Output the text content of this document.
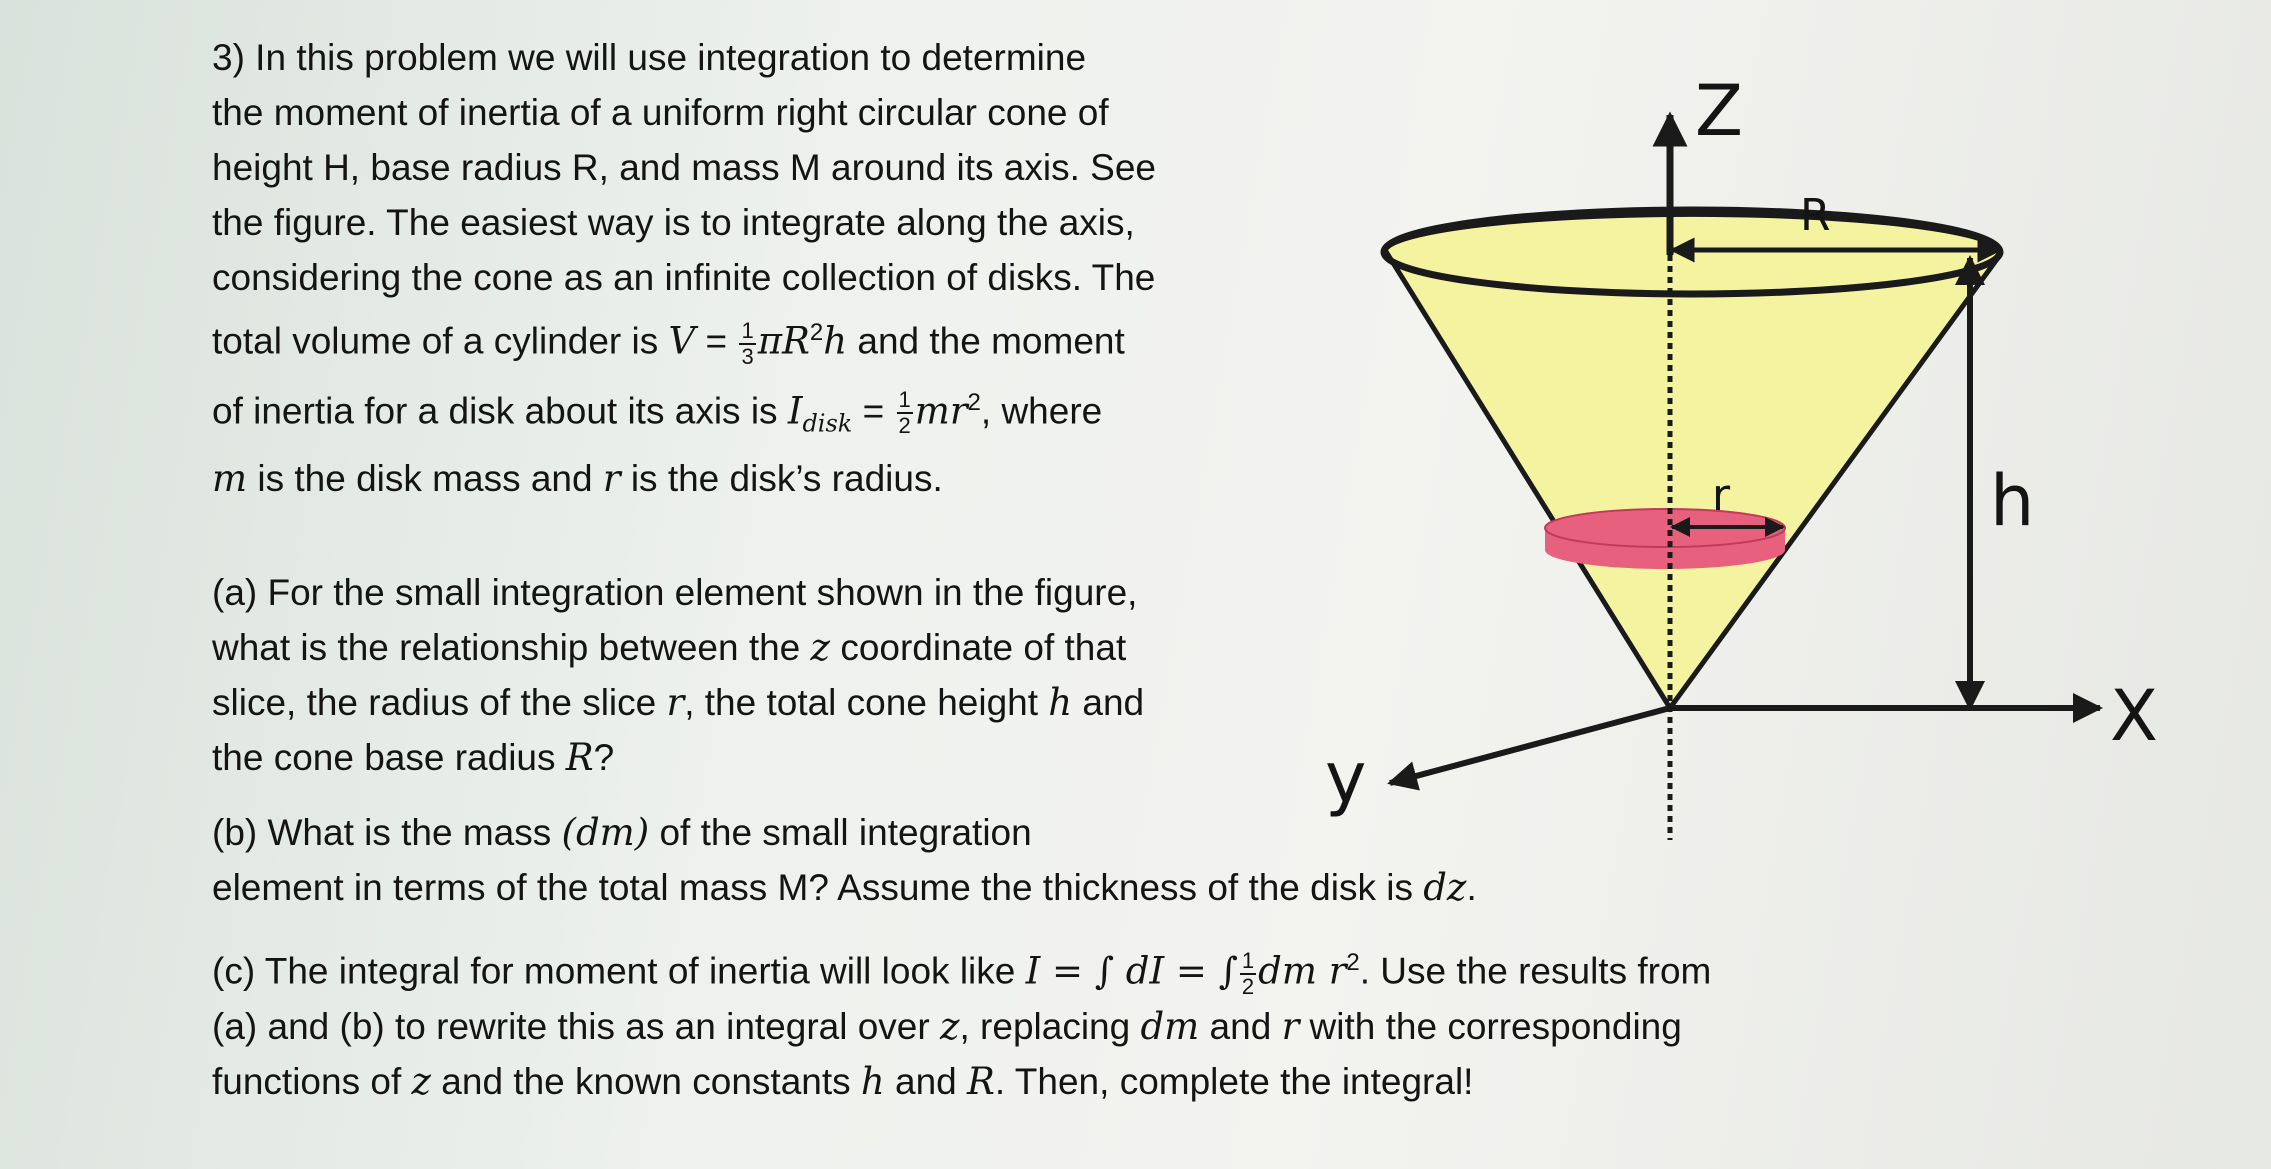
3) In this problem we will use integration to determine
the moment of inertia of a uniform right circular cone of
height H, base radius R, and mass M around its axis. See
the figure. The easiest way is to integrate along the axis,
considering the cone as an infinite collection of disks. The
total volume of a cylinder is $V = \frac{1}{3} \pi R^2h$ and the moment
of inertia for a disk about its axis is $I_{disk} = \frac{1}{2} mr^2$, where
m is the disk mass and r is the disk’s radius.
(a) For the small integration element shown in the figure,
what is the relationship between the z coordinate of that
slice, the radius of the slice r, the total cone height h and
the cone base radius R?
(b) What is the mass (dm) of the small integration
element in terms of the total mass M? Assume the thickness of the disk is dz.
(c) The integral for moment of inertia will look like I = ∫ dI = ∫ $\frac{1}{2}$ dm $r^2$. Use the results from
(a) and (b) to rewrite this as an integral over z, replacing dm and r with the corresponding
functions of z and the known constants h and R. Then, complete the integral!
Z
R
h
r
X
y
